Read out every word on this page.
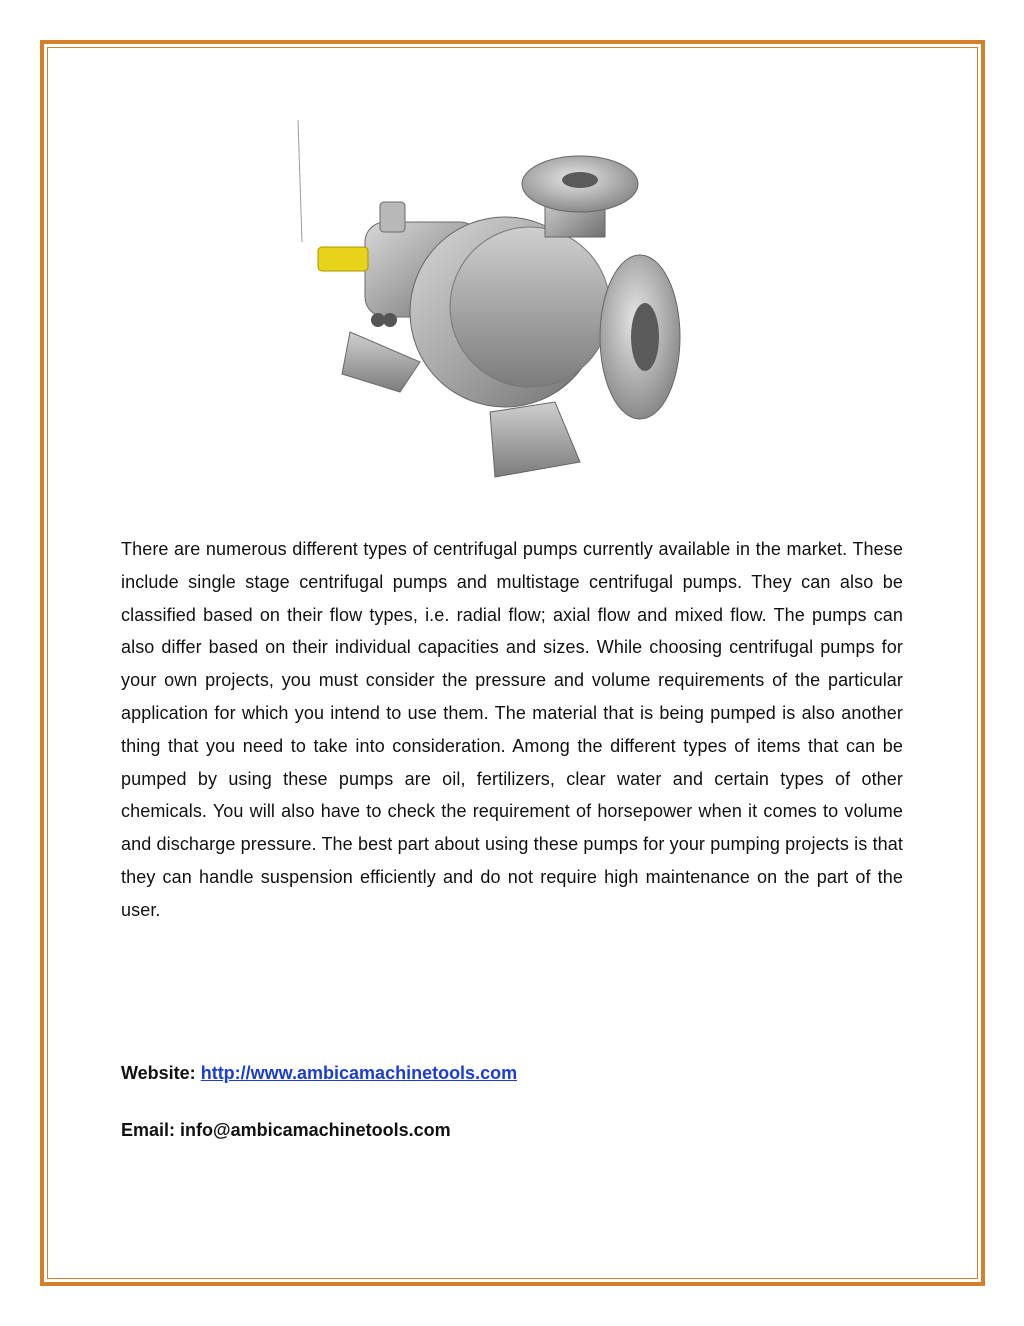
There are numerous different types of centrifugal pumps currently available in the market. These include single stage centrifugal pumps and multistage centrifugal pumps. They can also be classified based on their flow types, i.e. radial flow; axial flow and mixed flow. The pumps can also differ based on their individual capacities and sizes. While choosing centrifugal pumps for your own projects, you must consider the pressure and volume requirements of the particular application for which you intend to use them. The material that is being pumped is also another thing that you need to take into consideration. Among the different types of items that can be pumped by using these pumps are oil, fertilizers, clear water and certain types of other chemicals. You will also have to check the requirement of horsepower when it comes to volume and discharge pressure. The best part about using these pumps for your pumping projects is that they can handle suspension efficiently and do not require high maintenance on the part of the user.

Website: http://www.ambicamachinetools.com
Email: info@ambicamachinetools.com
